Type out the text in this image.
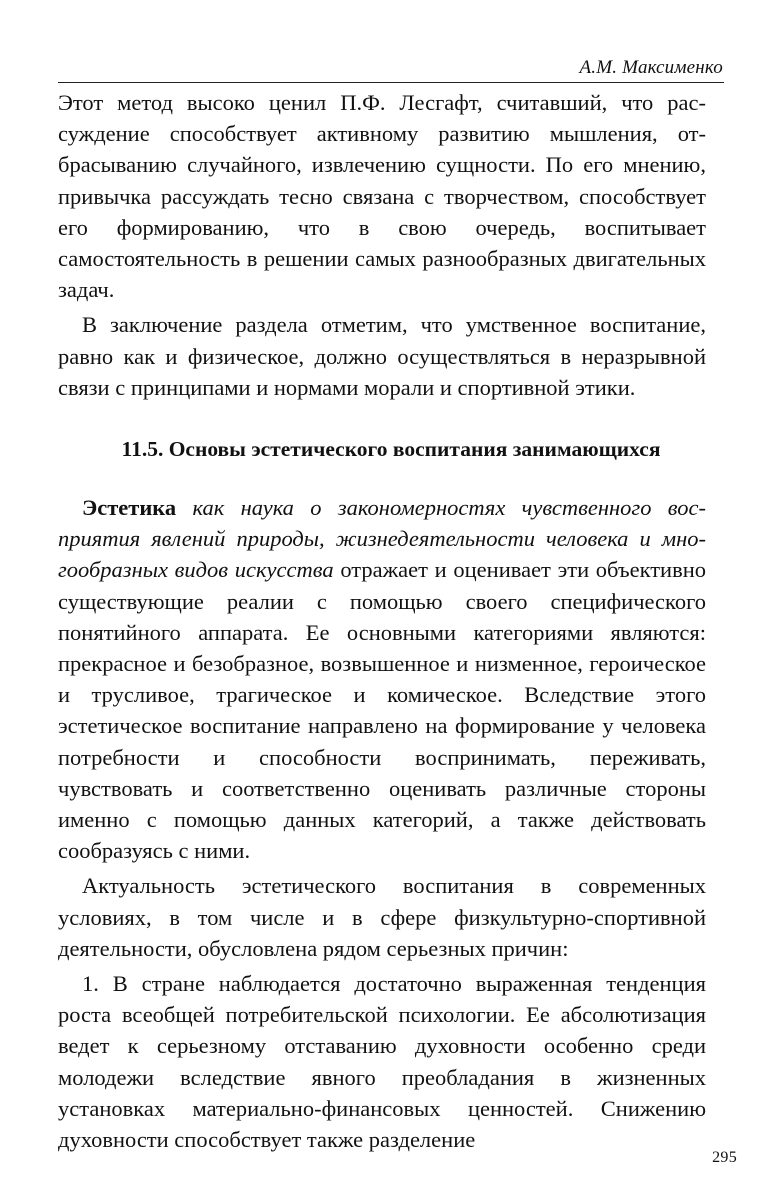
А.М. Максименко

Этот метод высоко ценил П.Ф. Лесгафт, считавший, что рассуждение способствует активному развитию мышления, отбрасыванию случайного, извлечению сущности. По его мнению, привычка рассуждать тесно связана с творчеством, способствует его формированию, что в свою очередь, воспитывает самостоятельность в решении самых разнообразных двигательных задач.

В заключение раздела отметим, что умственное воспитание, равно как и физическое, должно осуществляться в неразрывной связи с принципами и нормами морали и спортивной этики.

11.5. Основы эстетического воспитания занимающихся

Эстетика как наука о закономерностях чувственного восприятия явлений природы, жизнедеятельности человека и многообразных видов искусства отражает и оценивает эти объективно существующие реалии с помощью своего специфического понятийного аппарата. Ее основными категориями являются: прекрасное и безобразное, возвышенное и низменное, героическое и трусливое, трагическое и комическое. Вследствие этого эстетическое воспитание направлено на формирование у человека потребности и способности воспринимать, переживать, чувствовать и соответственно оценивать различные стороны именно с помощью данных категорий, а также действовать сообразуясь с ними.

Актуальность эстетического воспитания в современных условиях, в том числе и в сфере физкультурно-спортивной деятельности, обусловлена рядом серьезных причин:

1. В стране наблюдается достаточно выраженная тенденция роста всеобщей потребительской психологии. Ее абсолютизация ведет к серьезному отставанию духовности особенно среди молодежи вследствие явного преобладания в жизненных установках материально-финансовых ценностей. Снижению духовности способствует также разделение

295
